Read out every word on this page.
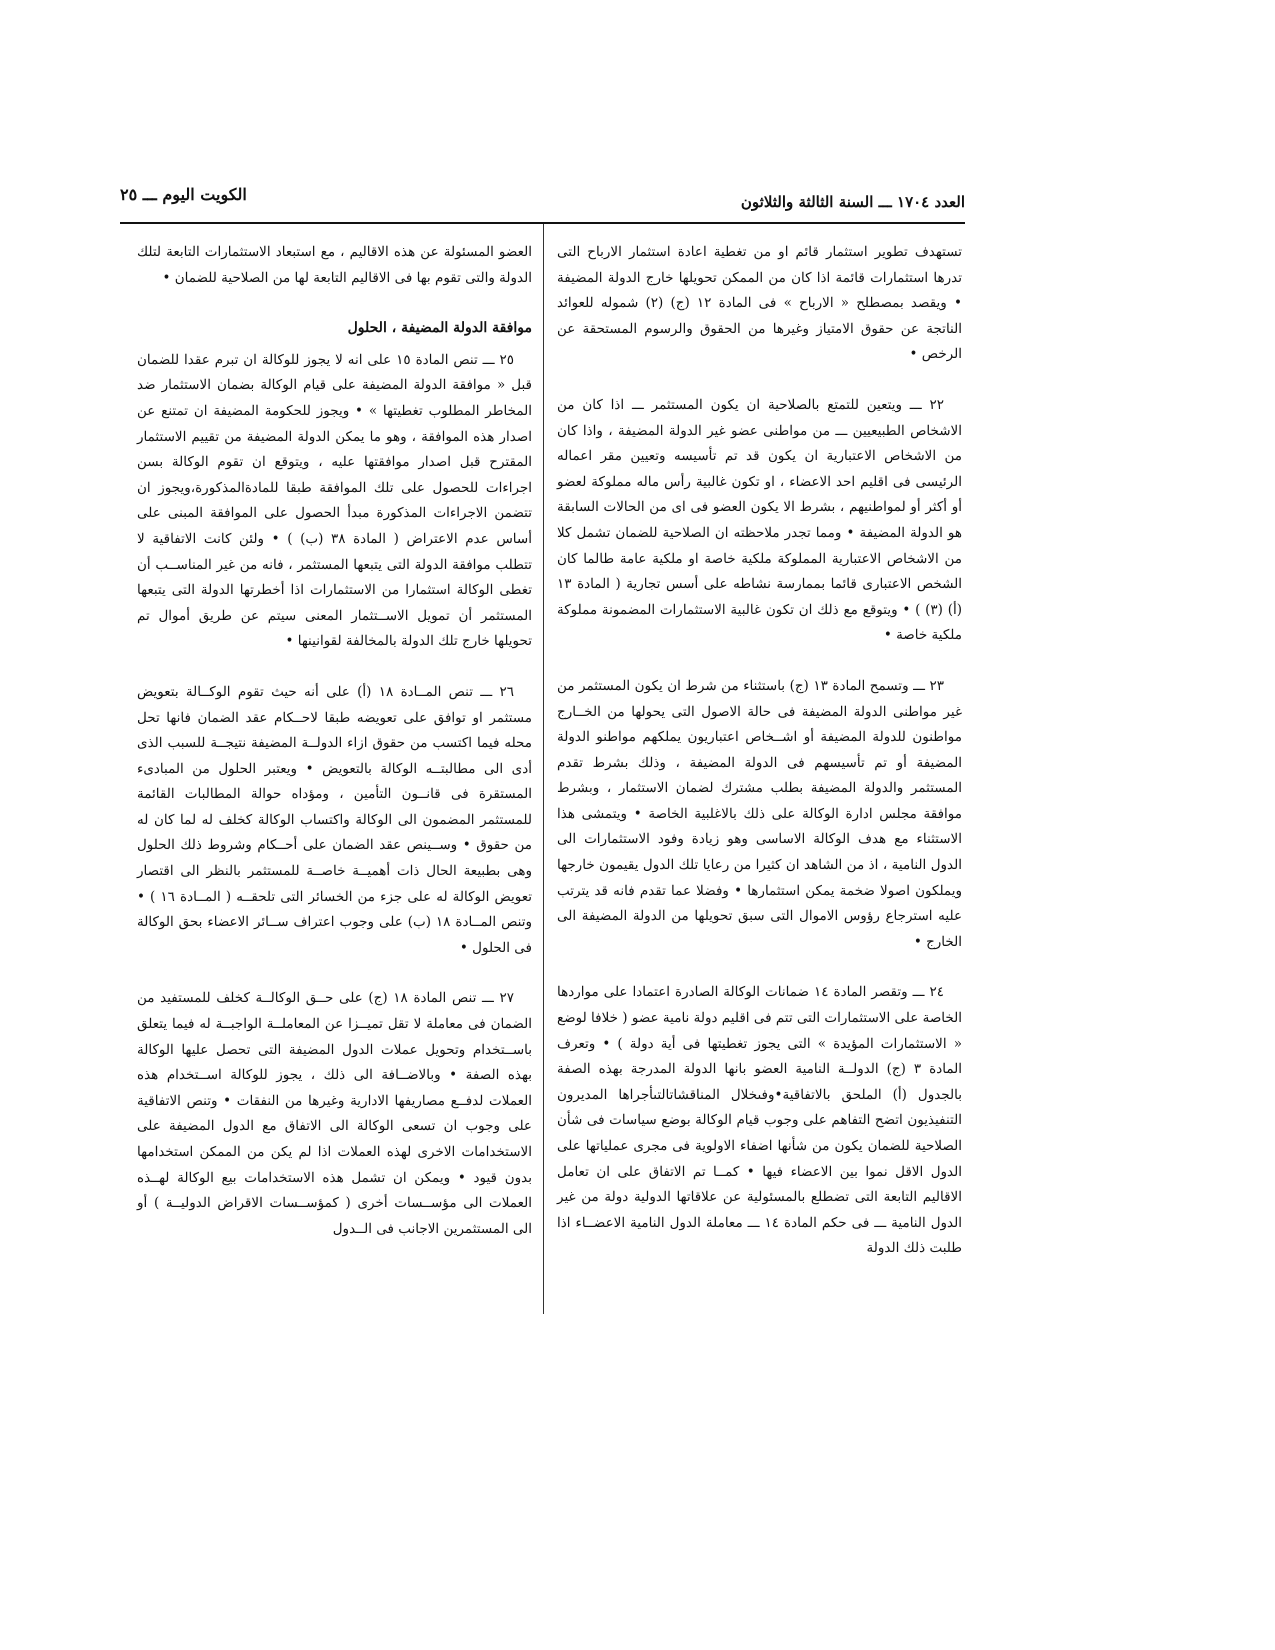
العدد ١٧٠٤ ـــ السنة الثالثة والثلاثون
الكويت اليوم ـــ ٢٥

تستهدف تطوير استثمار قائم او من تغطية اعادة استثمار الارباح التى تدرها استثمارات قائمة اذا كان من الممكن تحويلها خارج الدولة المضيفة • ويقصد بمصطلح « الارباح » فى المادة ١٢ (ج) (٢) شموله للعوائد الناتجة عن حقوق الامتياز وغيرها من الحقوق والرسوم المستحقة عن الرخص •

٢٢ ـــ ويتعين للتمتع بالصلاحية ان يكون المستثمر ـــ اذا كان من الاشخاص الطبيعيين ـــ من مواطنى عضو غير الدولة المضيفة ، واذا كان من الاشخاص الاعتبارية ان يكون قد تم تأسيسه وتعيين مقر اعماله الرئيسى فى اقليم احد الاعضاء ، او تكون غالبية رأس ماله مملوكة لعضو أو أكثر أو لمواطنيهم ، بشرط الا يكون العضو فى اى من الحالات السابقة هو الدولة المضيفة • ومما تجدر ملاحظته ان الصلاحية للضمان تشمل كلا من الاشخاص الاعتبارية المملوكة ملكية خاصة او ملكية عامة طالما كان الشخص الاعتبارى قائما بممارسة نشاطه على أسس تجارية ( المادة ١٣ (أ) (٣) ) • ويتوقع مع ذلك ان تكون غالبية الاستثمارات المضمونة مملوكة ملكية خاصة •

٢٣ ـــ وتسمح المادة ١٣ (ج) باستثناء من شرط ان يكون المستثمر من غير مواطنى الدولة المضيفة فى حالة الاصول التى يحولها من الخــارج مواطنون للدولة المضيفة أو اشــخاص اعتباريون يملكهم مواطنو الدولة المضيفة أو تم تأسيسهم فى الدولة المضيفة ، وذلك بشرط تقدم المستثمر والدولة المضيفة بطلب مشترك لضمان الاستثمار ، وبشرط موافقة مجلس ادارة الوكالة على ذلك بالاغلبية الخاصة • ويتمشى هذا الاستثناء مع هدف الوكالة الاساسى وهو زيادة وفود الاستثمارات الى الدول النامية ، اذ من الشاهد ان كثيرا من رعايا تلك الدول يقيمون خارجها ويملكون اصولا ضخمة يمكن استثمارها • وفضلا عما تقدم فانه قد يترتب عليه استرجاع رؤوس الاموال التى سبق تحويلها من الدولة المضيفة الى الخارج •

٢٤ ـــ وتقصر المادة ١٤ ضمانات الوكالة الصادرة اعتمادا على مواردها الخاصة على الاستثمارات التى تتم فى اقليم دولة نامية عضو ( خلافا لوضع « الاستثمارات المؤيدة » التى يجوز تغطيتها فى أية دولة ) • وتعرف المادة ٣ (ج) الدولــة النامية العضو بانها الدولة المدرجة بهذه الصفة بالجدول (أ) الملحق بالاتفاقية•وفىخلال المناقشاتالتىأجراها المديرون التنفيذيون اتضح التفاهم على وجوب قيام الوكالة بوضع سياسات فى شأن الصلاحية للضمان يكون من شأنها اضفاء الاولوية فى مجرى عملياتها على الدول الاقل نموا بين الاعضاء فيها • كمــا تم الاتفاق على ان تعامل الاقاليم التابعة التى تضطلع بالمسئولية عن علاقاتها الدولية دولة من غير الدول النامية ـــ فى حكم المادة ١٤ ـــ معاملة الدول النامية الاعضــاء اذا طلبت ذلك الدولة

العضو المسئولة عن هذه الاقاليم ، مع استبعاد الاستثمارات التابعة لتلك الدولة والتى تقوم بها فى الاقاليم التابعة لها من الصلاحية للضمان •

موافقة الدولة المضيفة ، الحلول

٢٥ ـــ تنص المادة ١٥ على انه لا يجوز للوكالة ان تبرم عقدا للضمان قبل « موافقة الدولة المضيفة على قيام الوكالة بضمان الاستثمار ضد المخاطر المطلوب تغطيتها » • ويجوز للحكومة المضيفة ان تمتنع عن اصدار هذه الموافقة ، وهو ما يمكن الدولة المضيفة من تقييم الاستثمار المقترح قبل اصدار موافقتها عليه ، ويتوقع ان تقوم الوكالة بسن اجراءات للحصول على تلك الموافقة طبقا للمادةالمذكورة،ويجوز ان تتضمن الاجراءات المذكورة مبدأ الحصول على الموافقة المبنى على أساس عدم الاعتراض ( المادة ٣٨ (ب) ) • ولئن كانت الاتفاقية لا تتطلب موافقة الدولة التى يتبعها المستثمر ، فانه من غير المناســب أن تغطى الوكالة استثمارا من الاستثمارات اذا أخطرتها الدولة التى يتبعها المستثمر أن تمويل الاســتثمار المعنى سيتم عن طريق أموال تم تحويلها خارج تلك الدولة بالمخالفة لقوانينها •

٢٦ ـــ تنص المــادة ١٨ (أ) على أنه حيث تقوم الوكــالة بتعويض مستثمر او توافق على تعويضه طبقا لاحــكام عقد الضمان فانها تحل محله فيما اكتسب من حقوق ازاء الدولــة المضيفة نتيجــة للسبب الذى أدى الى مطالبتــه الوكالة بالتعويض • ويعتبر الحلول من المبادىء المستقرة فى قانــون التأمين ، ومؤداه حوالة المطالبات القائمة للمستثمر المضمون الى الوكالة واكتساب الوكالة كخلف له لما كان له من حقوق • وســينص عقد الضمان على أحــكام وشروط ذلك الحلول وهى بطبيعة الحال ذات أهميــة خاصــة للمستثمر بالنظر الى اقتصار تعويض الوكالة له على جزء من الخسائر التى تلحقــه ( المــادة ١٦ ) • وتنص المــادة ١٨ (ب) على وجوب اعتراف ســائر الاعضاء بحق الوكالة فى الحلول •

٢٧ ـــ تنص المادة ١٨ (ج) على حــق الوكالــة كخلف للمستفيد من الضمان فى معاملة لا تقل تميــزا عن المعاملــة الواجبــة له فيما يتعلق باســتخدام وتحويل عملات الدول المضيفة التى تحصل عليها الوكالة بهذه الصفة • وبالاضــافة الى ذلك ، يجوز للوكالة اســتخدام هذه العملات لدفــع مصاريفها الادارية وغيرها من النفقات • وتنص الاتفاقية على وجوب ان تسعى الوكالة الى الاتفاق مع الدول المضيفة على الاستخدامات الاخرى لهذه العملات اذا لم يكن من الممكن استخدامها بدون قيود • ويمكن ان تشمل هذه الاستخدامات بيع الوكالة لهــذه العملات الى مؤســسات أخرى ( كمؤســسات الاقراض الدوليــة ) أو الى المستثمرين الاجانب فى الــدول
